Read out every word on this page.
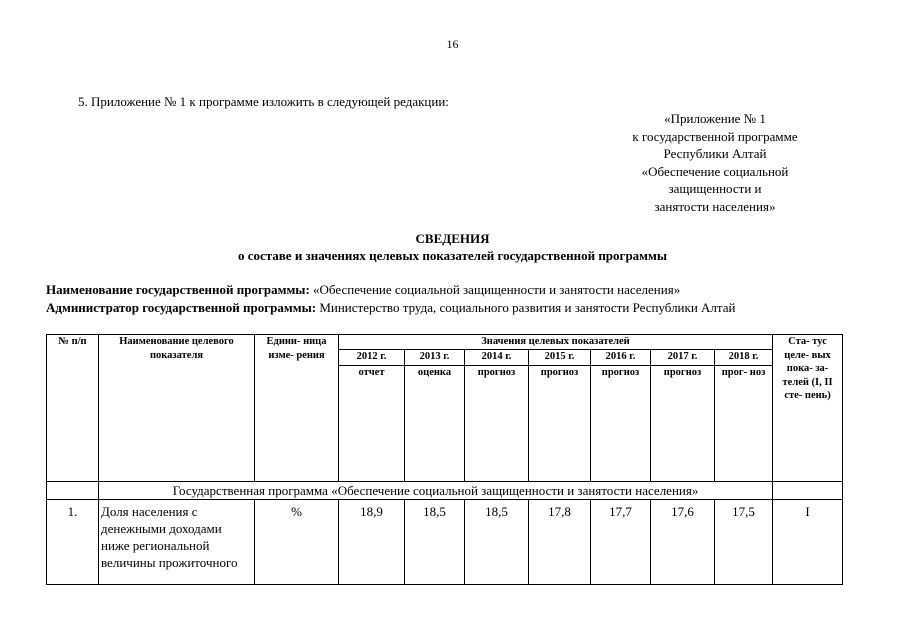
16
5. Приложение № 1 к программе изложить в следующей редакции:
«Приложение № 1
к государственной программе
Республики Алтай
«Обеспечение социальной
защищенности и
занятости населения»
СВЕДЕНИЯ
о составе и значениях целевых показателей государственной программы
Наименование государственной программы: «Обеспечение социальной защищенности и занятости населения»
Администратор государственной программы: Министерство труда, социального развития и занятости Республики Алтай
№ п/п	Наименование целевого показателя	Едини- ница изме- рения	Значения целевых показателей							Ста- тус целе- вых пока- за- телей (I, II сте- пень)
			2012 г.	2013 г.	2014 г.	2015 г.	2016 г.	2017 г.	2018 г.	
			отчет	оценка	прогноз	прогноз	прогноз	прогноз	прог- ноз	
	Государственная программа «Обеспечение социальной защищенности и занятости населения»									
1.	Доля населения с денежными доходами ниже региональной величины прожиточного	%	18,9	18,5	18,5	17,8	17,7	17,6	17,5	I
